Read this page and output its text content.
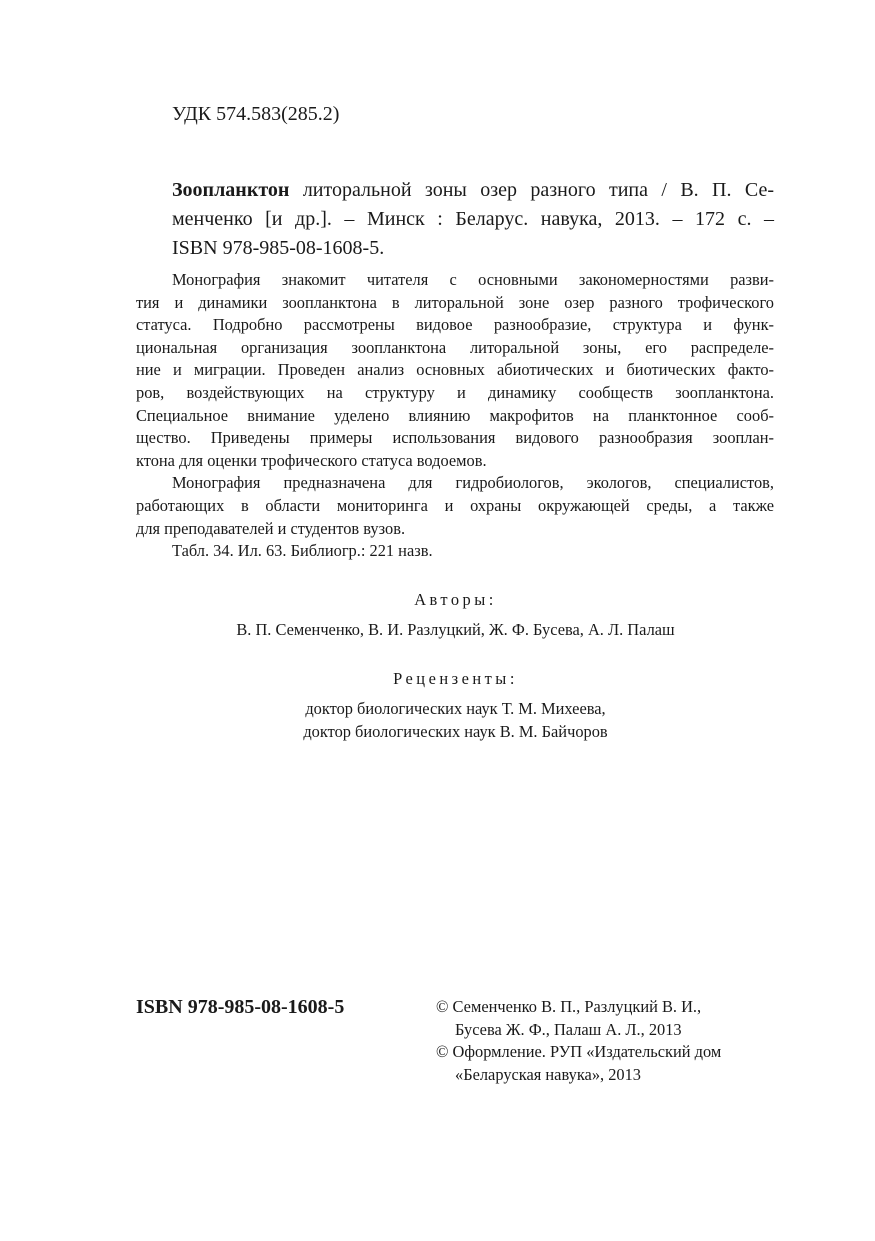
УДК 574.583(285.2)
Зоопланктон литоральной зоны озер разного типа / В. П. Се-
менченко [и др.]. – Минск : Беларус. навука, 2013. – 172 с. –
ISBN 978-985-08-1608-5.
Монография знакомит читателя с основными закономерностями разви-
тия и динамики зоопланктона в литоральной зоне озер разного трофического
статуса. Подробно рассмотрены видовое разнообразие, структура и функ-
циональная организация зоопланктона литоральной зоны, его распределе-
ние и миграции. Проведен анализ основных абиотических и биотических факто-
ров, воздействующих на структуру и динамику сообществ зоопланктона.
Специальное внимание уделено влиянию макрофитов на планктонное сооб-
щество. Приведены примеры использования видового разнообразия зооплан-
ктона для оценки трофического статуса водоемов.
Монография предназначена для гидробиологов, экологов, специалистов,
работающих в области мониторинга и охраны окружающей среды, а также
для преподавателей и студентов вузов.
Табл. 34. Ил. 63. Библиогр.: 221 назв.
Авторы:
В. П. Семенченко, В. И. Разлуцкий, Ж. Ф. Бусева, А. Л. Палаш
Рецензенты:
доктор биологических наук Т. М. Михеева,
доктор биологических наук В. М. Байчоров
ISBN 978-985-08-1608-5	© Семенченко В. П., Разлуцкий В. И.,
Бусева Ж. Ф., Палаш А. Л., 2013
© Оформление. РУП «Издательский дом
«Беларуская навука», 2013
